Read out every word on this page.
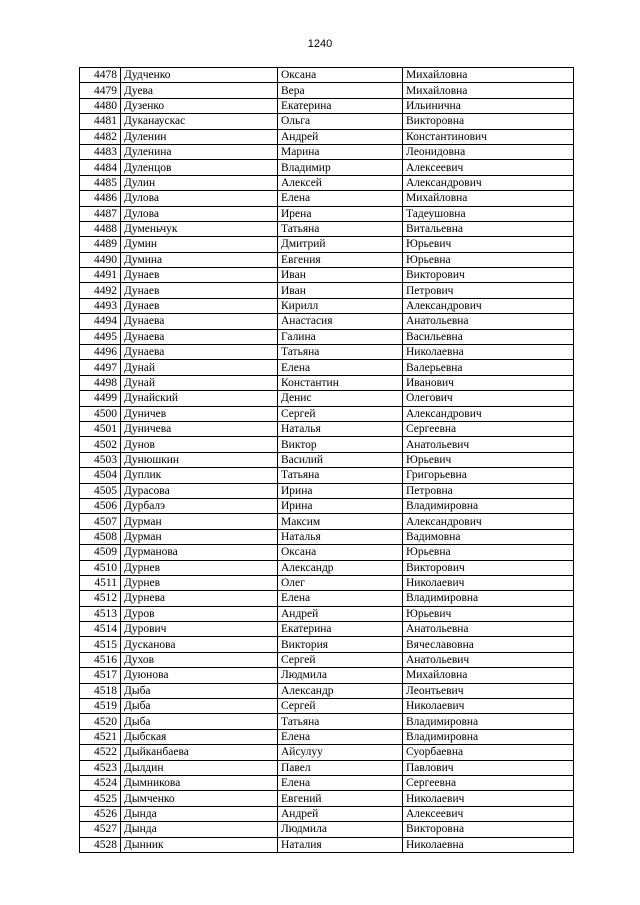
1240
4478	Дудченко	Оксана	Михайловна
4479	Дуева	Вера	Михайловна
4480	Дузенко	Екатерина	Ильинична
4481	Дуканаускас	Ольга	Викторовна
4482	Дуленин	Андрей	Константинович
4483	Дуленина	Марина	Леонидовна
4484	Дуленцов	Владимир	Алексеевич
4485	Дулин	Алексей	Александрович
4486	Дулова	Елена	Михайловна
4487	Дулова	Ирена	Тадеушовна
4488	Думеньчук	Татьяна	Витальевна
4489	Думин	Дмитрий	Юрьевич
4490	Думина	Евгения	Юрьевна
4491	Дунаев	Иван	Викторович
4492	Дунаев	Иван	Петрович
4493	Дунаев	Кирилл	Александрович
4494	Дунаева	Анастасия	Анатольевна
4495	Дунаева	Галина	Васильевна
4496	Дунаева	Татьяна	Николаевна
4497	Дунай	Елена	Валерьевна
4498	Дунай	Константин	Иванович
4499	Дунайский	Денис	Олегович
4500	Дуничев	Сергей	Александрович
4501	Дуничева	Наталья	Сергеевна
4502	Дунов	Виктор	Анатольевич
4503	Дунюшкин	Василий	Юрьевич
4504	Дуплик	Татьяна	Григорьевна
4505	Дурасова	Ирина	Петровна
4506	Дурбалэ	Ирина	Владимировна
4507	Дурман	Максим	Александрович
4508	Дурман	Наталья	Вадимовна
4509	Дурманова	Оксана	Юрьевна
4510	Дурнев	Александр	Викторович
4511	Дурнев	Олег	Николаевич
4512	Дурнева	Елена	Владимировна
4513	Дуров	Андрей	Юрьевич
4514	Дурович	Екатерина	Анатольевна
4515	Дусканова	Виктория	Вячеславовна
4516	Духов	Сергей	Анатольевич
4517	Дуюнова	Людмила	Михайловна
4518	Дыба	Александр	Леонтьевич
4519	Дыба	Сергей	Николаевич
4520	Дыба	Татьяна	Владимировна
4521	Дыбская	Елена	Владимировна
4522	Дыйканбаева	Айсулуу	Суорбаевна
4523	Дылдин	Павел	Павлович
4524	Дымникова	Елена	Сергеевна
4525	Дымченко	Евгений	Николаевич
4526	Дында	Андрей	Алексеевич
4527	Дында	Людмила	Викторовна
4528	Дынник	Наталия	Николаевна
